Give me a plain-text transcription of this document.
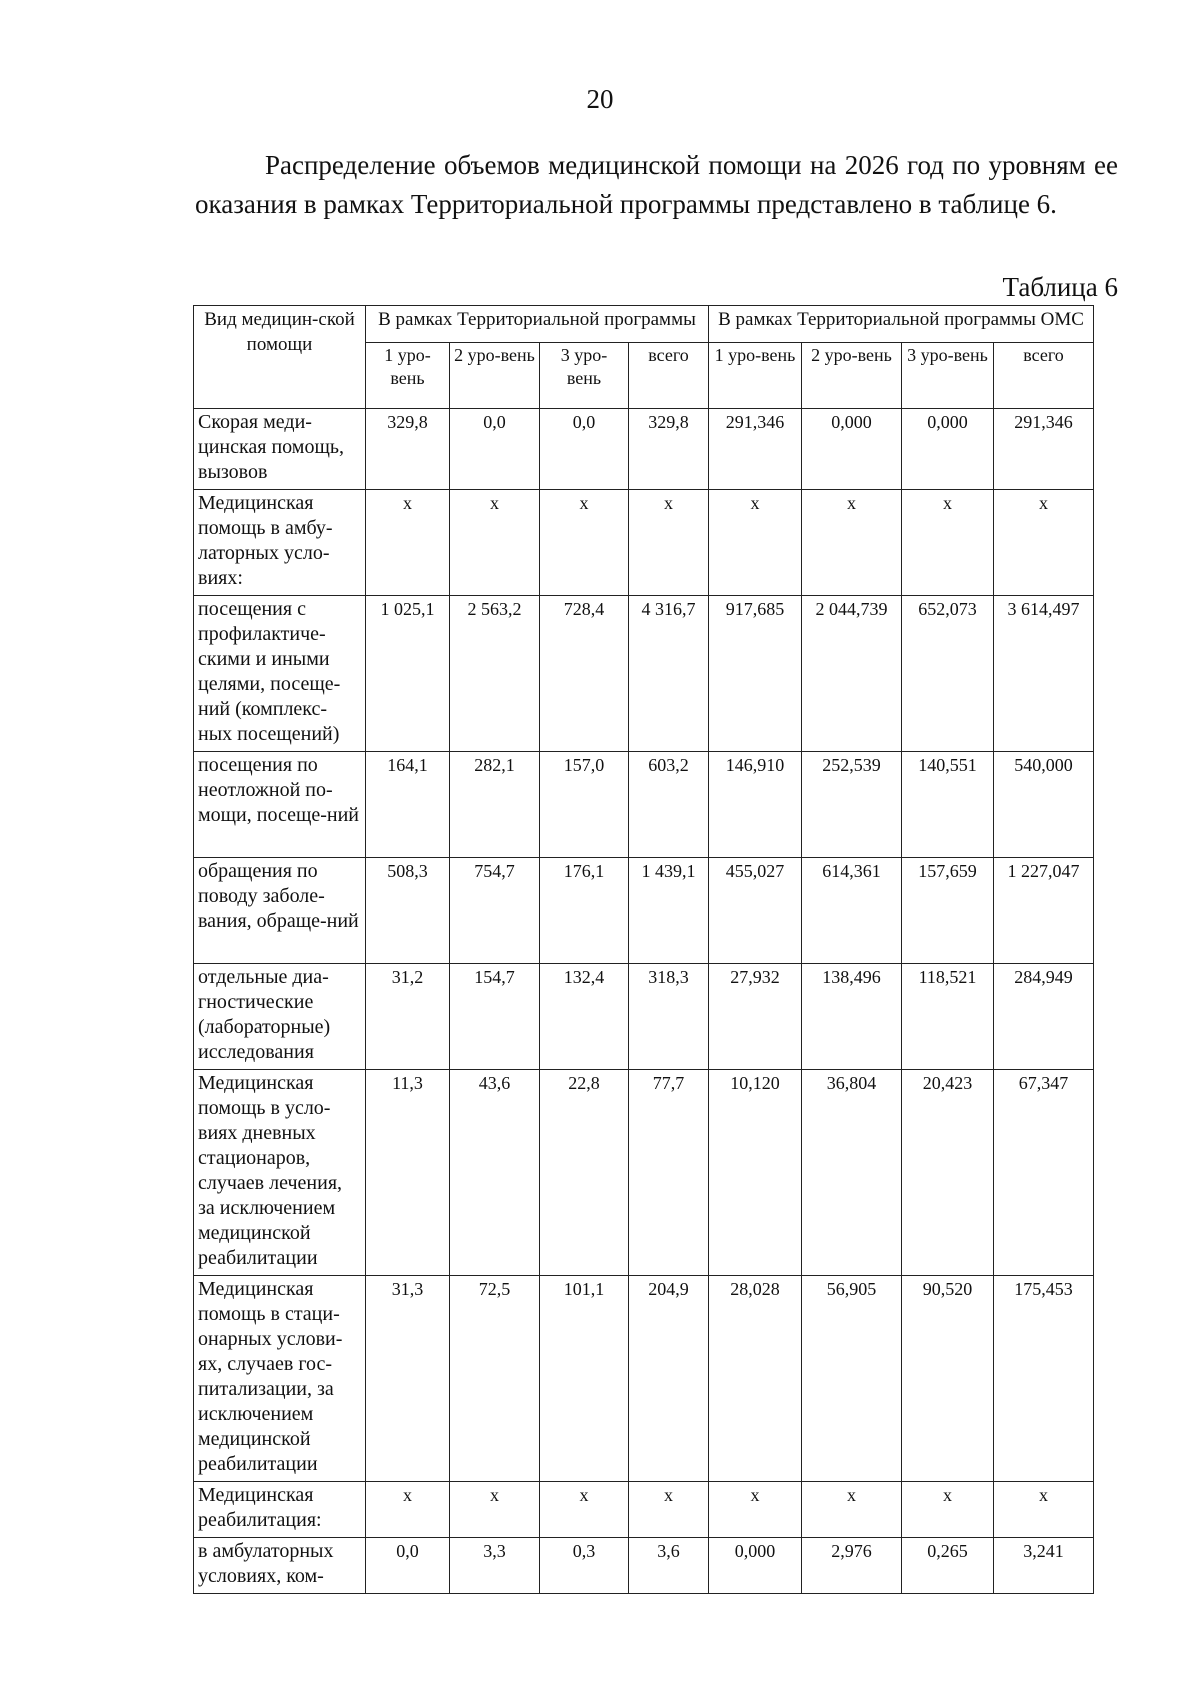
20
Распределение объемов медицинской помощи на 2026 год по уровням ее оказания в рамках Территориальной программы представлено в таблице 6.
Таблица 6
Вид медицин-ской помощи	В рамках Территориальной программы				В рамках Территориальной программы ОМС			
	1 уро-вень	2 уро-вень	3 уро-вень	всего	1 уро-вень	2 уро-вень	3 уро-вень	всего
Скорая меди-цинская помощь, вызовов	329,8	0,0	0,0	329,8	291,346	0,000	0,000	291,346
Медицинская помощь в амбу-латорных усло-виях:	х	х	х	х	х	х	х	х
посещения с профилактиче-скими и иными целями, посеще-ний (комплекс-ных посещений)	1 025,1	2 563,2	728,4	4 316,7	917,685	2 044,739	652,073	3 614,497
посещения по неотложной по-мощи, посеще-ний	164,1	282,1	157,0	603,2	146,910	252,539	140,551	540,000
обращения по поводу заболе-вания, обраще-ний	508,3	754,7	176,1	1 439,1	455,027	614,361	157,659	1 227,047
отдельные диа-гностические (лабораторные) исследования	31,2	154,7	132,4	318,3	27,932	138,496	118,521	284,949
Медицинская помощь в усло-виях дневных стационаров, случаев лечения, за исключением медицинской реабилитации	11,3	43,6	22,8	77,7	10,120	36,804	20,423	67,347
Медицинская помощь в стаци-онарных услови-ях, случаев гос-питализации, за исключением медицинской реабилитации	31,3	72,5	101,1	204,9	28,028	56,905	90,520	175,453
Медицинская реабилитация:	х	х	х	х	х	х	х	х
в амбулаторных условиях, ком-	0,0	3,3	0,3	3,6	0,000	2,976	0,265	3,241
